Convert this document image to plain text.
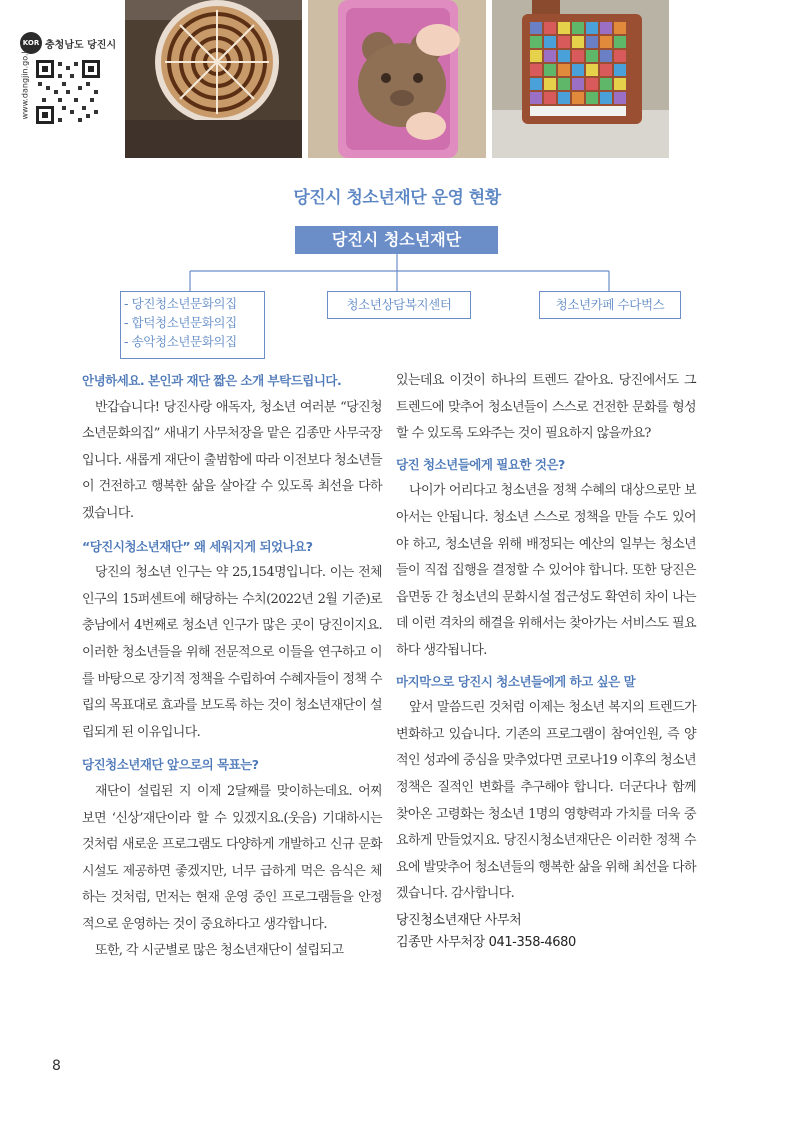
KOR 충청남도 당진시
www.dangjin.go.kr
당진시 청소년재단 운영 현황
당진시 청소년재단
- 당진청소년문화의집
- 합덕청소년문화의집
- 송악청소년문화의집
청소년상담복지센터	청소년카페 수다벅스
안녕하세요. 본인과 재단 짧은 소개 부탁드립니다.

반갑습니다! 당진사랑 애독자, 청소년 여러분 “당진청소년문화의집” 새내기 사무처장을 맡은 김종만 사무국장입니다. 새롭게 재단이 출범함에 따라 이전보다 청소년들이 건전하고 행복한 삶을 살아갈 수 있도록 최선을 다하겠습니다.

“당진시청소년재단” 왜 세워지게 되었나요?

당진의 청소년 인구는 약 25,154명입니다. 이는 전체 인구의 15퍼센트에 해당하는 수치(2022년 2월 기준)로 충남에서 4번째로 청소년 인구가 많은 곳이 당진이지요. 이러한 청소년들을 위해 전문적으로 이들을 연구하고 이를 바탕으로 장기적 정책을 수립하여 수혜자들이 정책 수립의 목표대로 효과를 보도록 하는 것이 청소년재단이 설립되게 된 이유입니다.

당진청소년재단 앞으로의 목표는?

재단이 설립된 지 이제 2달째를 맞이하는데요. 어찌 보면 ‘신상’재단이라 할 수 있겠지요.(웃음) 기대하시는 것처럼 새로운 프로그램도 다양하게 개발하고 신규 문화시설도 제공하면 좋겠지만, 너무 급하게 먹은 음식은 체하는 것처럼, 먼저는 현재 운영 중인 프로그램들을 안정적으로 운영하는 것이 중요하다고 생각합니다.

또한, 각 시군별로 많은 청소년재단이 설립되고

있는데요 이것이 하나의 트렌드 같아요. 당진에서도 그 트렌드에 맞추어 청소년들이 스스로 건전한 문화를 형성할 수 있도록 도와주는 것이 필요하지 않을까요?

당진 청소년들에게 필요한 것은?

나이가 어리다고 청소년을 정책 수혜의 대상으로만 보아서는 안됩니다. 청소년 스스로 정책을 만들 수도 있어야 하고, 청소년을 위해 배정되는 예산의 일부는 청소년들이 직접 집행을 결정할 수 있어야 합니다. 또한 당진은 읍면동 간 청소년의 문화시설 접근성도 확연히 차이 나는데 이런 격차의 해결을 위해서는 찾아가는 서비스도 필요하다 생각됩니다.

마지막으로 당진시 청소년들에게 하고 싶은 말

앞서 말씀드린 것처럼 이제는 청소년 복지의 트렌드가 변화하고 있습니다. 기존의 프로그램이 참여인원, 즉 양적인 성과에 중심을 맞추었다면 코로나19 이후의 청소년 정책은 질적인 변화를 추구해야 합니다. 더군다나 함께 찾아온 고령화는 청소년 1명의 영향력과 가치를 더욱 중요하게 만들었지요. 당진시청소년재단은 이러한 정책 수요에 발맞추어 청소년들의 행복한 삶을 위해 최선을 다하겠습니다. 감사합니다.

당진청소년재단 사무처
김종만 사무처장 041-358-4680
8
